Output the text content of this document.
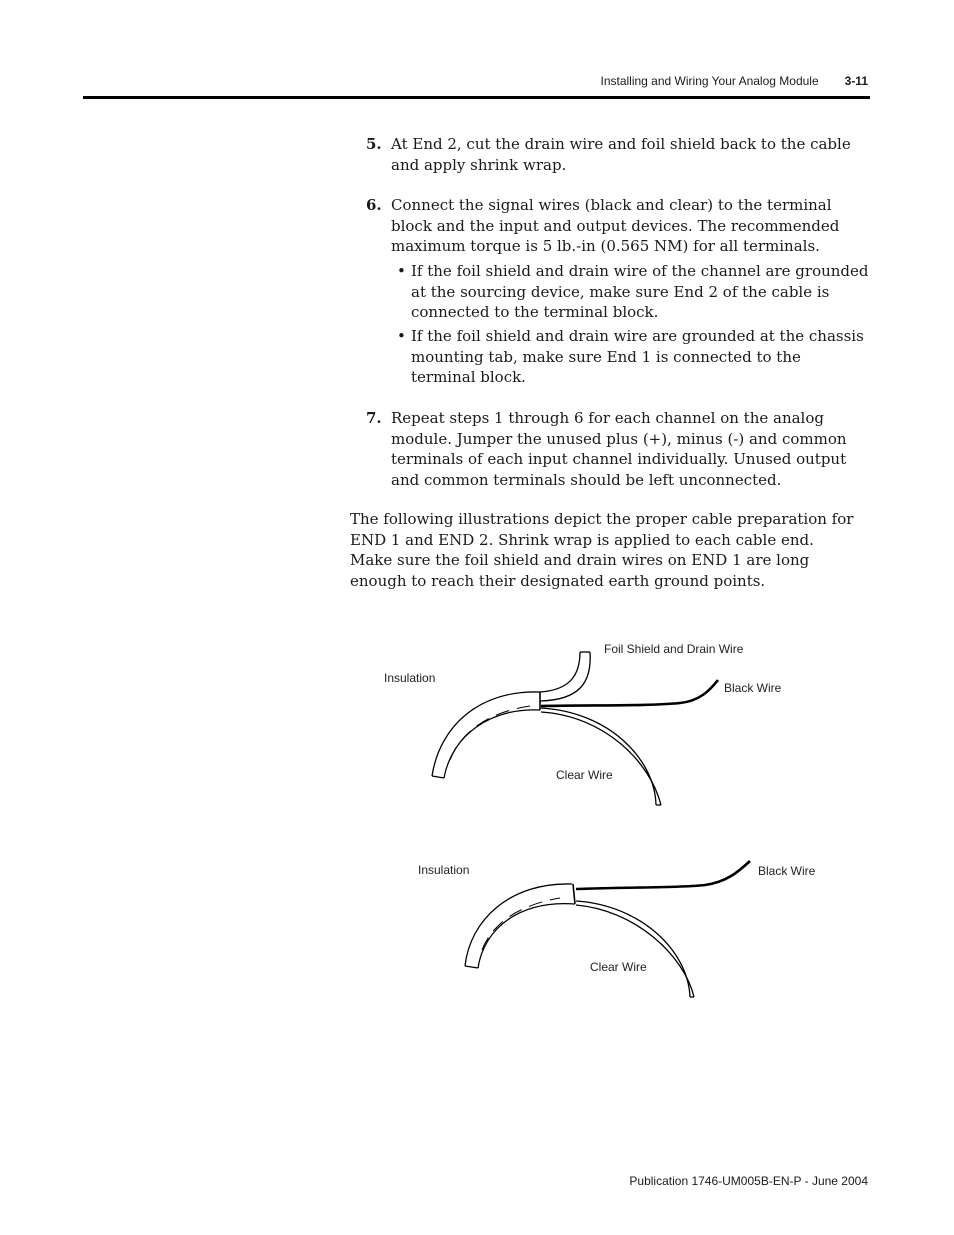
Installing and Wiring Your Analog Module 3-11
5. At End 2, cut the drain wire and foil shield back to the cable and apply shrink wrap.
6. Connect the signal wires (black and clear) to the terminal block and the input and output devices. The recommended maximum torque is 5 lb.-in (0.565 NM) for all terminals.
• If the foil shield and drain wire of the channel are grounded at the sourcing device, make sure End 2 of the cable is connected to the terminal block.
• If the foil shield and drain wire are grounded at the chassis mounting tab, make sure End 1 is connected to the terminal block.
7. Repeat steps 1 through 6 for each channel on the analog module. Jumper the unused plus (+), minus (-) and common terminals of each input channel individually. Unused output and common terminals should be left unconnected.
The following illustrations depict the proper cable preparation for END 1 and END 2. Shrink wrap is applied to each cable end. Make sure the foil shield and drain wires on END 1 are long enough to reach their designated earth ground points.
Foil Shield and Drain Wire
Insulation
Black Wire
Clear Wire
Insulation	Black Wire
Clear Wire
Publication 1746-UM005B-EN-P - June 2004
